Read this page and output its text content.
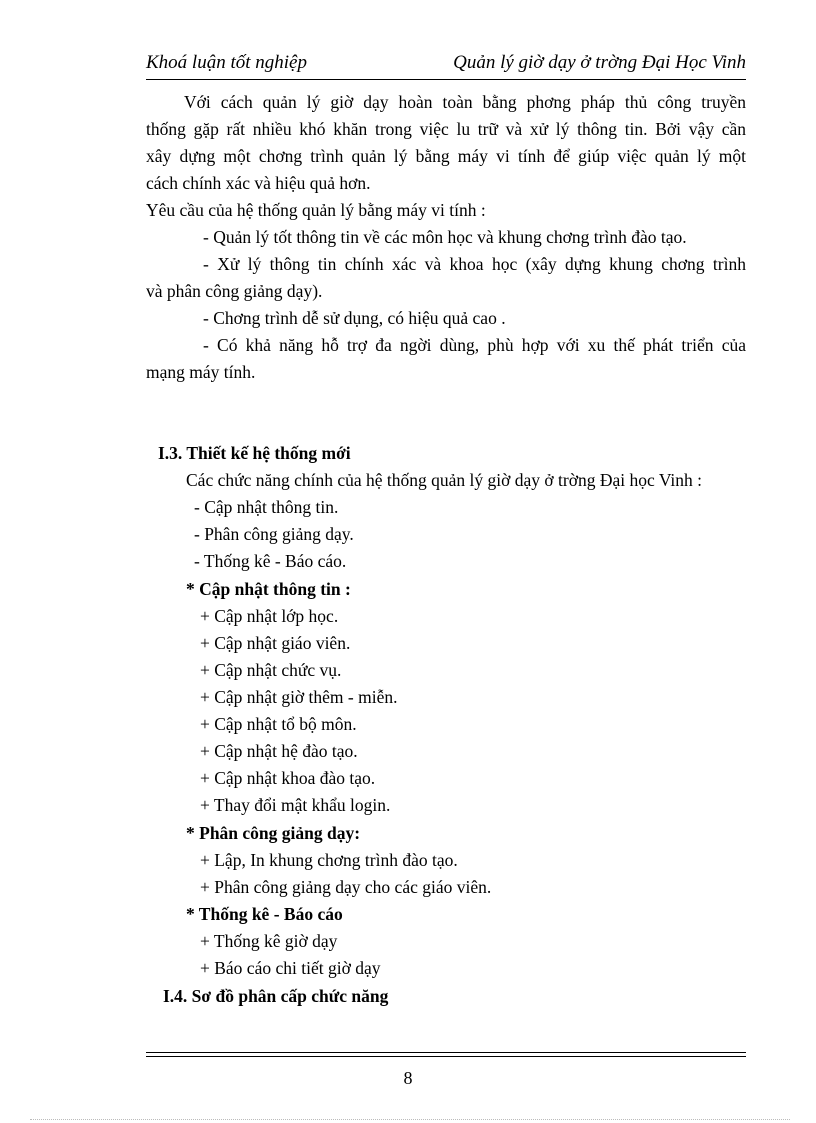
Khoá luận tốt nghiệp	Quản lý giờ dạy ở trờng Đại Học Vinh
Với cách quản lý giờ dạy hoàn toàn bằng phơng pháp thủ công truyền
thống gặp rất nhiều khó khăn trong việc lu trữ và xử lý thông tin. Bởi vậy cần
xây dựng một chơng trình quản lý bằng máy vi tính để giúp việc quản lý một
cách chính xác và hiệu quả hơn.
Yêu cầu của hệ thống quản lý bằng máy vi tính :
- Quản lý tốt thông tin về các môn học và khung chơng trình đào tạo.
- Xử lý thông tin chính xác và khoa học (xây dựng khung chơng trình
và phân công giảng dạy).
- Chơng trình dễ sử dụng, có hiệu quả cao .
- Có khả năng hỗ trợ đa ngời dùng, phù hợp với xu thế phát triển của
mạng máy tính.
I.3. Thiết kế hệ thống mới
Các chức năng chính của hệ thống quản lý giờ dạy ở trờng Đại học Vinh :
- Cập nhật thông tin.
- Phân công giảng dạy.
- Thống kê - Báo cáo.
* Cập nhật thông tin :
+ Cập nhật lớp học.
+ Cập nhật giáo viên.
+ Cập nhật chức vụ.
+ Cập nhật giờ thêm - miễn.
+ Cập nhật tổ bộ môn.
+ Cập nhật hệ đào tạo.
+ Cập nhật khoa đào tạo.
+ Thay đổi mật khẩu login.
* Phân công giảng dạy:
+ Lập, In khung chơng trình đào tạo.
+ Phân công giảng dạy cho các giáo viên.
* Thống kê - Báo cáo
+ Thống kê giờ dạy
+ Báo cáo chi tiết giờ dạy
I.4. Sơ đồ phân cấp chức năng
8
